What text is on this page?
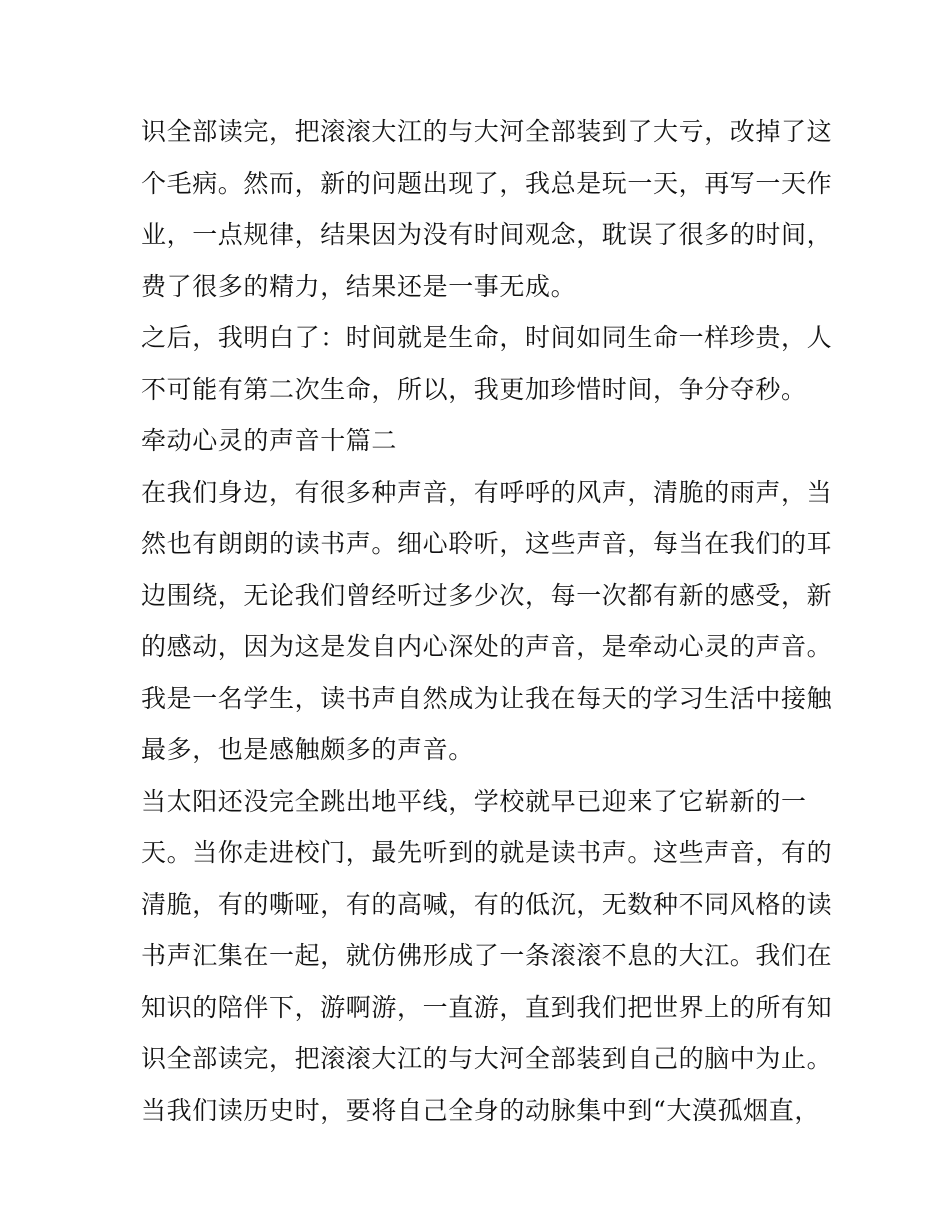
识全部读完，把滚滚大江的与大河全部装到了大亏，改掉了这
个毛病。然而，新的问题出现了，我总是玩一天，再写一天作
业，一点规律，结果因为没有时间观念，耽误了很多的时间，
费了很多的精力，结果还是一事无成。
之后，我明白了：时间就是生命，时间如同生命一样珍贵，人
不可能有第二次生命，所以，我更加珍惜时间，争分夺秒。
牵动心灵的声音十篇二
在我们身边，有很多种声音，有呼呼的风声，清脆的雨声，当
然也有朗朗的读书声。细心聆听，这些声音，每当在我们的耳
边围绕，无论我们曾经听过多少次，每一次都有新的感受，新
的感动，因为这是发自内心深处的声音，是牵动心灵的声音。
我是一名学生，读书声自然成为让我在每天的学习生活中接触
最多，也是感触颇多的声音。
当太阳还没完全跳出地平线，学校就早已迎来了它崭新的一
天。当你走进校门，最先听到的就是读书声。这些声音，有的
清脆，有的嘶哑，有的高喊，有的低沉，无数种不同风格的读
书声汇集在一起，就仿佛形成了一条滚滚不息的大江。我们在
知识的陪伴下，游啊游，一直游，直到我们把世界上的所有知
识全部读完，把滚滚大江的与大河全部装到自己的脑中为止。
当我们读历史时，要将自己全身的动脉集中到“大漠孤烟直，
